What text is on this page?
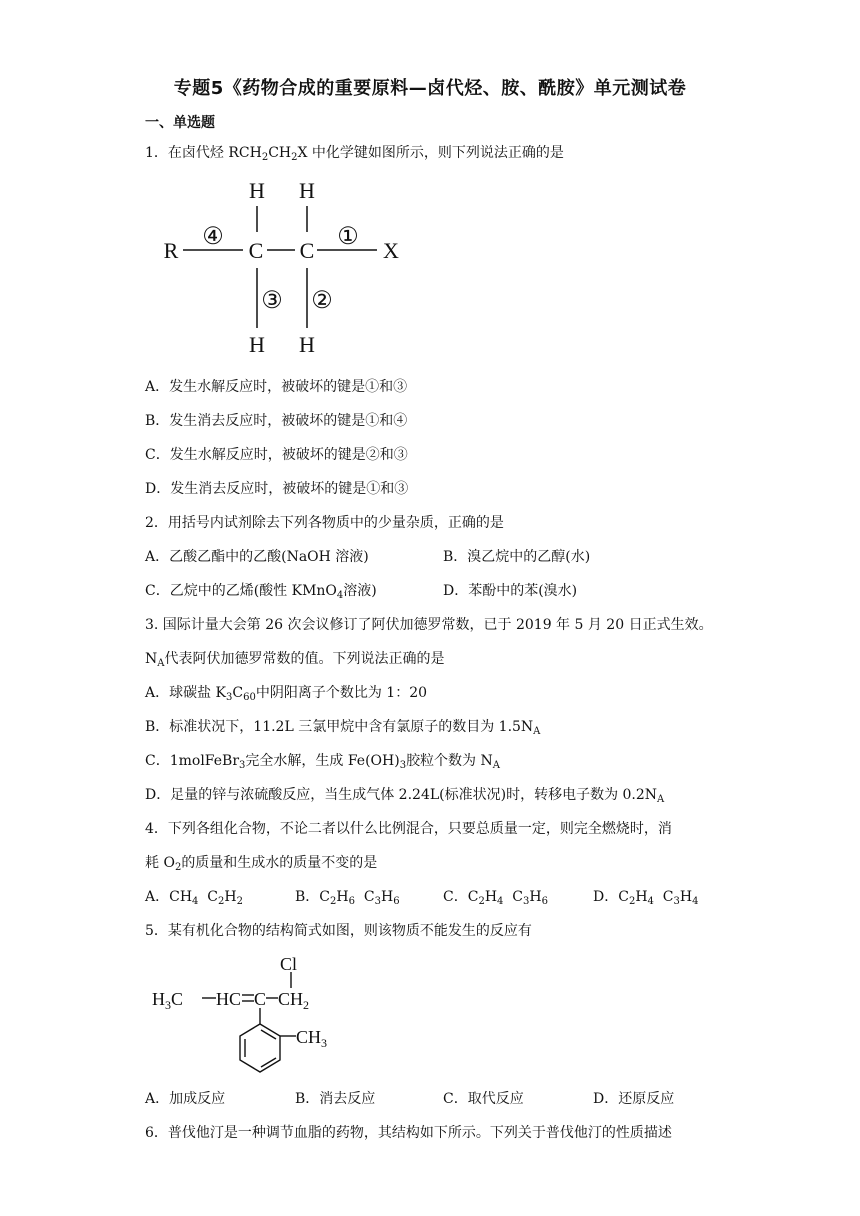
专题5《药物合成的重要原料—卤代烃、胺、酰胺》单元测试卷
一、单选题
1．在卤代烃 $RCH_2CH_2X$ 中化学键如图所示，则下列说法正确的是
R	C C	X
H H
H H
④	①
③ ②
A．发生水解反应时，被破坏的键是①和③
B．发生消去反应时，被破坏的键是①和④
C．发生水解反应时，被破坏的键是②和③
D．发生消去反应时，被破坏的键是①和③
2．用括号内试剂除去下列各物质中的少量杂质，正确的是
A．乙酸乙酯中的乙酸(NaOH 溶液)	B．溴乙烷中的乙醇(水)
C．乙烷中的乙烯(酸性 KMnO$_4$溶液)	D．苯酚中的苯(溴水)
3. 国际计量大会第 26 次会议修订了阿伏加德罗常数，已于 2019 年 5 月 20 日正式生效。
$N_A$代表阿伏加德罗常数的值。下列说法正确的是
A．球碳盐 $K_3C_{60}$中阴阳离子个数比为 1：20
B．标准状况下，11.2L 三氯甲烷中含有氯原子的数目为 $1.5N_A$
C．1molFeBr$_3$完全水解，生成 $Fe(OH)_3$胶粒个数为 $N_A$
D．足量的锌与浓硫酸反应，当生成气体 2.24L(标准状况)时，转移电子数为 $0.2N_A$
4．下列各组化合物，不论二者以什么比例混合，只要总质量一定，则完全燃烧时，消
耗 $O_2$的质量和生成水的质量不变的是
A．$CH_4$  $C_2H_2$	B．$C_2H_6$  $C_3H_6$	C．$C_2H_4$  $C_3H_6$	D．$C_2H_4$  $C_3H_4$
5．某有机化合物的结构简式如图，则该物质不能发生的反应有
Cl
$H_3C$ HC C $CH_2$
$CH_3$
A．加成反应	B．消去反应	C．取代反应	D．还原反应
6．普伐他汀是一种调节血脂的药物，其结构如下所示。下列关于普伐他汀的性质描述
